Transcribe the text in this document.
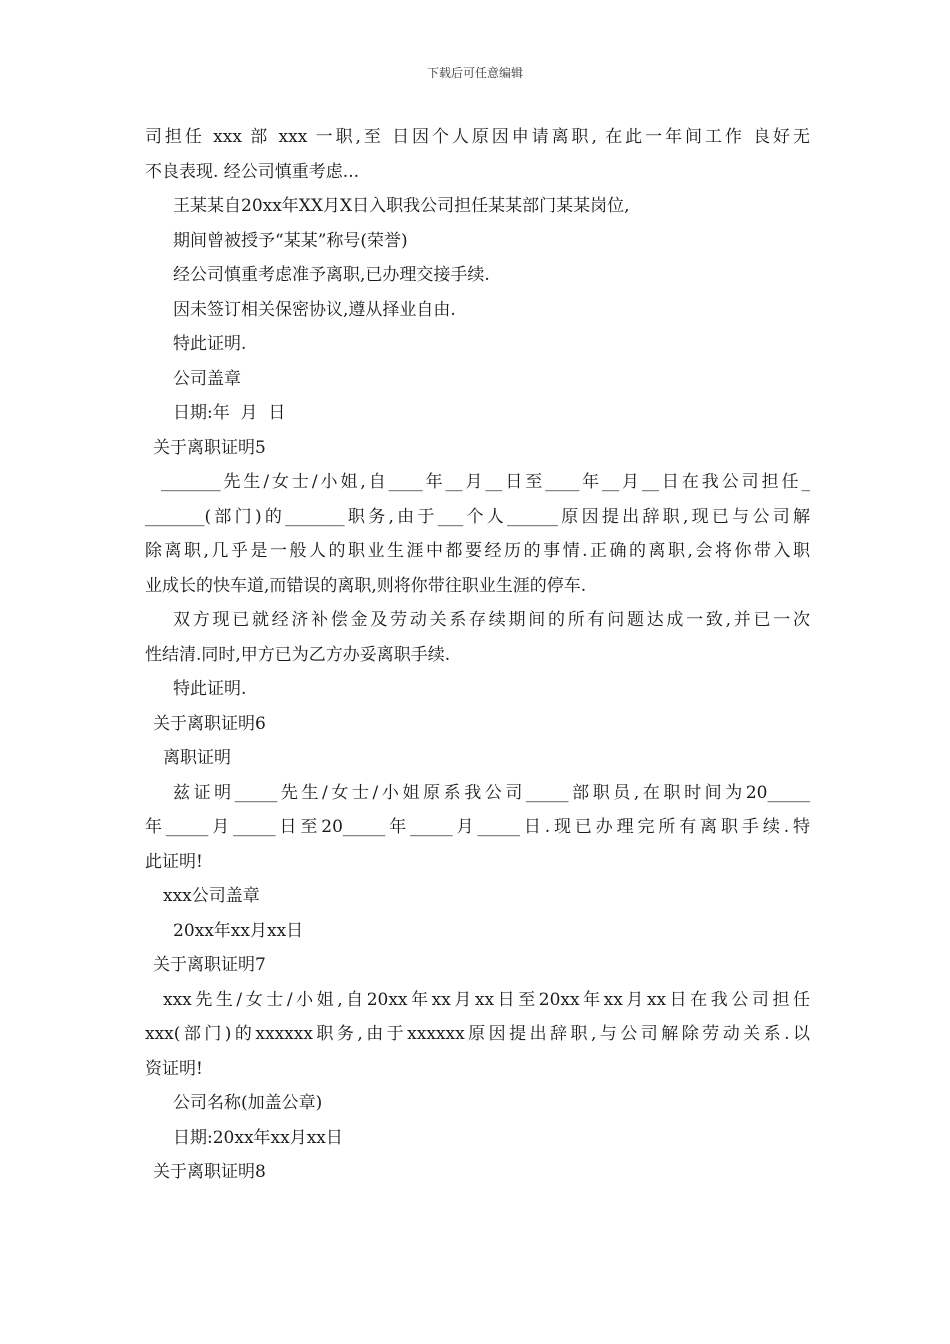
下载后可任意编辑
司担任 xxx 部 xxx 一职,至 日因个人原因申请离职, 在此一年间工作 良好无
不良表现. 经公司慎重考虑...
王某某自20xx年XX月X日入职我公司担任某某部门某某岗位,
期间曾被授予“某某”称号(荣誉)
经公司慎重考虑准予离职,已办理交接手续.
因未签订相关保密协议,遵从择业自由.
特此证明.
公司盖章
日期:年  月  日
关于离职证明5
_______先生/女士/小姐,自____年__月__日至____年__月__日在我公司担任_
_______(部门)的_______职务,由于___个人______原因提出辞职,现已与公司解
除离职,几乎是一般人的职业生涯中都要经历的事情.正确的离职,会将你带入职
业成长的快车道,而错误的离职,则将你带往职业生涯的停车.
双方现已就经济补偿金及劳动关系存续期间的所有问题达成一致,并已一次
性结清.同时,甲方已为乙方办妥离职手续.
特此证明.
关于离职证明6
离职证明
兹证明_____先生/女士/小姐原系我公司_____部职员,在职时间为20_____
年_____月_____日至20_____年_____月_____日.现已办理完所有离职手续.特
此证明!
xxx公司盖章
20xx年xx月xx日
关于离职证明7
xxx先生/女士/小姐,自20xx年xx月xx日至20xx年xx月xx日在我公司担任
xxx(部门)的xxxxxx职务,由于xxxxxx原因提出辞职,与公司解除劳动关系.以
资证明!
公司名称(加盖公章)
日期:20xx年xx月xx日
关于离职证明8
